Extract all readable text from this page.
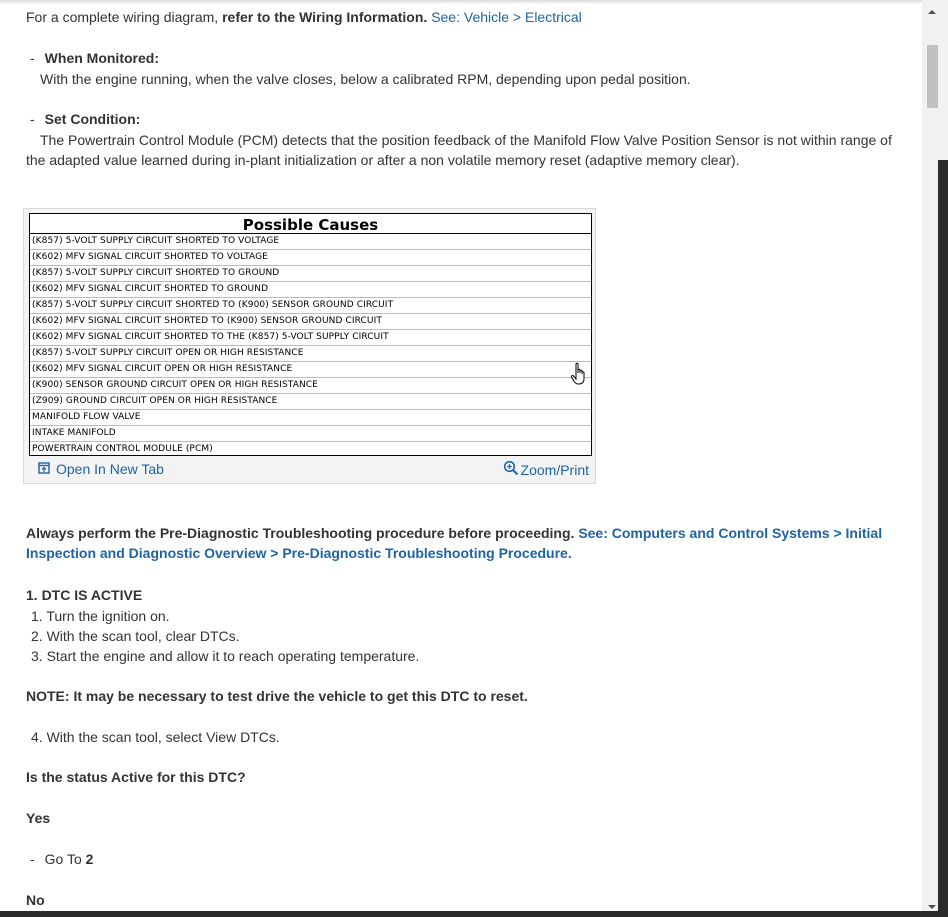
For a complete wiring diagram, refer to the Wiring Information. See: Vehicle > Electrical
- When Monitored:
With the engine running, when the valve closes, below a calibrated RPM, depending upon pedal position.
- Set Condition:
The Powertrain Control Module (PCM) detects that the position feedback of the Manifold Flow Valve Position Sensor is not within range of the adapted value learned during in-plant initialization or after a non volatile memory reset (adaptive memory clear).
Possible Causes
(K857) 5-VOLT SUPPLY CIRCUIT SHORTED TO VOLTAGE
(K602) MFV SIGNAL CIRCUIT SHORTED TO VOLTAGE
(K857) 5-VOLT SUPPLY CIRCUIT SHORTED TO GROUND
(K602) MFV SIGNAL CIRCUIT SHORTED TO GROUND
(K857) 5-VOLT SUPPLY CIRCUIT SHORTED TO (K900) SENSOR GROUND CIRCUIT
(K602) MFV SIGNAL CIRCUIT SHORTED TO (K900) SENSOR GROUND CIRCUIT
(K602) MFV SIGNAL CIRCUIT SHORTED TO THE (K857) 5-VOLT SUPPLY CIRCUIT
(K857) 5-VOLT SUPPLY CIRCUIT OPEN OR HIGH RESISTANCE
(K602) MFV SIGNAL CIRCUIT OPEN OR HIGH RESISTANCE
(K900) SENSOR GROUND CIRCUIT OPEN OR HIGH RESISTANCE
(Z909) GROUND CIRCUIT OPEN OR HIGH RESISTANCE
MANIFOLD FLOW VALVE
INTAKE MANIFOLD
POWERTRAIN CONTROL MODULE (PCM)
Open In New Tab	Zoom/Print
Always perform the Pre-Diagnostic Troubleshooting procedure before proceeding. See: Computers and Control Systems > Initial Inspection and Diagnostic Overview > Pre-Diagnostic Troubleshooting Procedure.
1. DTC IS ACTIVE
1. Turn the ignition on.
2. With the scan tool, clear DTCs.
3. Start the engine and allow it to reach operating temperature.
NOTE: It may be necessary to test drive the vehicle to get this DTC to reset.
4. With the scan tool, select View DTCs.
Is the status Active for this DTC?
Yes
- Go To 2
No
